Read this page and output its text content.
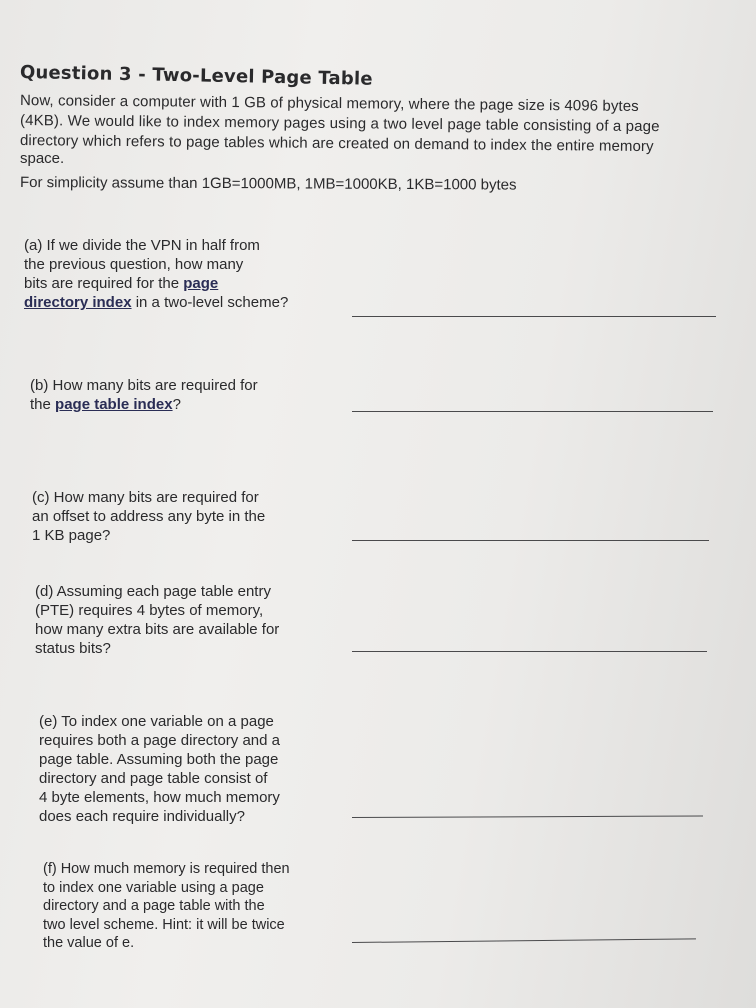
Question 3 - Two-Level Page Table
Now, consider a computer with 1 GB of physical memory, where the page size is 4096 bytes
(4KB). We would like to index memory pages using a two level page table consisting of a page
directory which refers to page tables which are created on demand to index the entire memory
space.
For simplicity assume than 1GB=1000MB, 1MB=1000KB, 1KB=1000 bytes
(a) If we divide the VPN in half from
the previous question, how many
bits are required for the page
directory index in a two-level scheme?
(b) How many bits are required for
the page table index?
(c) How many bits are required for
an offset to address any byte in the
1 KB page?
(d) Assuming each page table entry
(PTE) requires 4 bytes of memory,
how many extra bits are available for
status bits?
(e) To index one variable on a page
requires both a page directory and a
page table. Assuming both the page
directory and page table consist of
4 byte elements, how much memory
does each require individually?
(f) How much memory is required then
to index one variable using a page
directory and a page table with the
two level scheme. Hint: it will be twice
the value of e.
